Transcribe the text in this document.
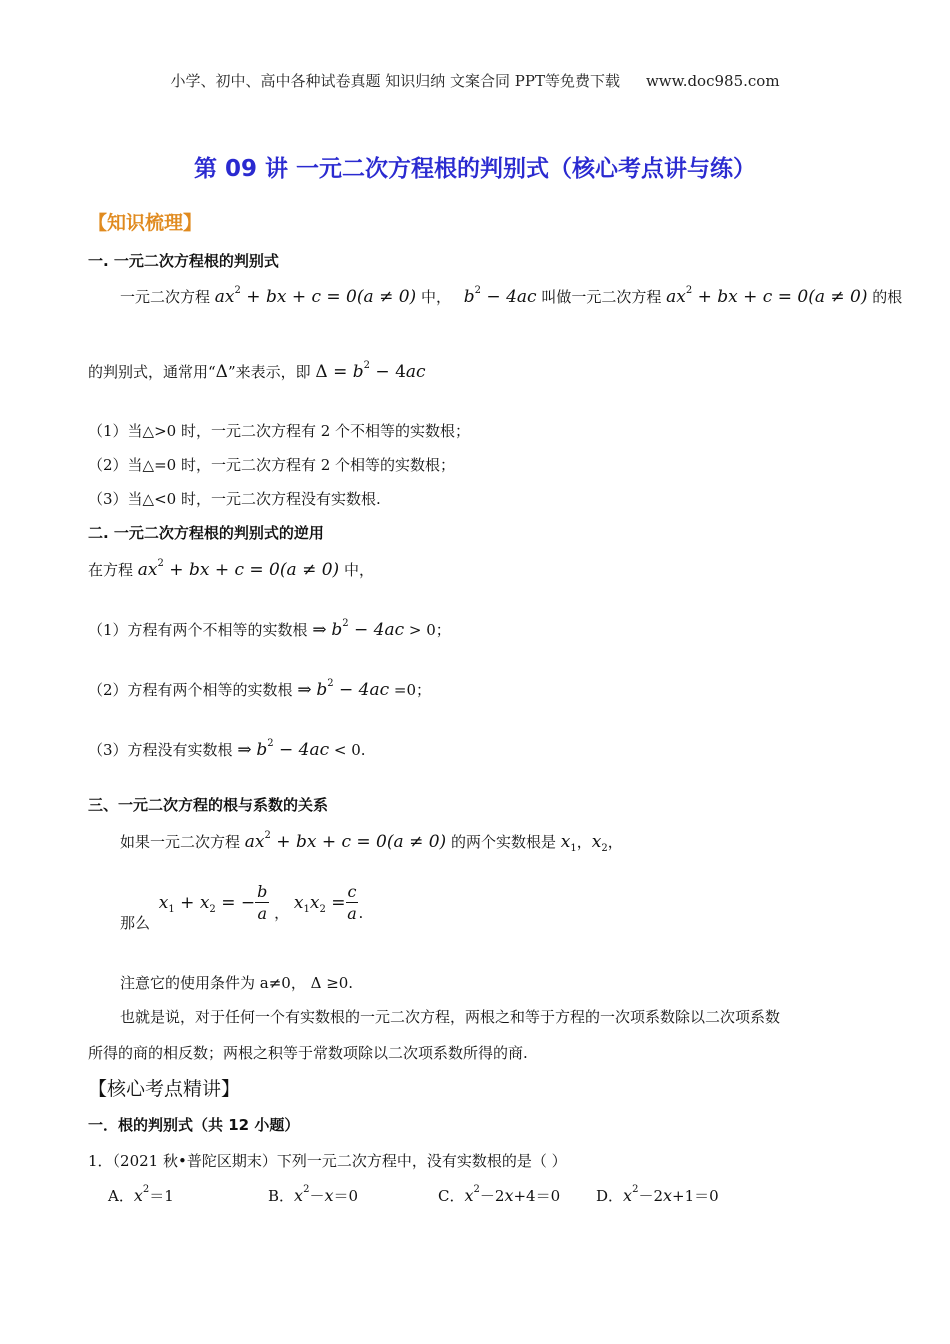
小学、初中、高中各种试卷真题 知识归纳 文案合同 PPT等免费下载 www.doc985.com
第 09 讲 一元二次方程根的判别式（核心考点讲与练）
【知识梳理】
一. 一元二次方程根的判别式
一元二次方程 $ax^2$ + bx + c = 0(a ≠ 0) 中， $b^2 - 4ac$ 叫做一元二次方程 $ax^2$ + bx + c = 0(a ≠ 0) 的根
的判别式，通常用“Δ”来表示，即 $\Delta = b^2 - 4ac$
（1）当△>0 时，一元二次方程有 2 个不相等的实数根；
（2）当△=0 时，一元二次方程有 2 个相等的实数根；
（3）当△<0 时，一元二次方程没有实数根.
二. 一元二次方程根的判别式的逆用
在方程 $ax^2$ + bx + c = 0(a ≠ 0) 中，
（1）方程有两个不相等的实数根 ⇒ $b^2 - 4ac > 0$；
（2）方程有两个相等的实数根 ⇒ $b^2 - 4ac =0$；
（3）方程没有实数根 ⇒ $b^2 - 4ac < 0$.
三、一元二次方程的根与系数的关系
如果一元二次方程 $ax^2$ + bx + c = 0(a ≠ 0) 的两个实数根是 $x_1$，$x_2$，
那么 $x_1 + x_2$ = − $\frac{b}{a}$ ， $x_1x_2 = \frac{c}{a}$ .
注意它的使用条件为 a≠0， Δ ≥0.
也就是说，对于任何一个有实数根的一元二次方程，两根之和等于方程的一次项系数除以二次项系数
所得的商的相反数；两根之积等于常数项除以二次项系数所得的商.
【核心考点精讲】
一．根的判别式（共 12 小题）
1．（2021 秋•普陀区期末）下列一元二次方程中，没有实数根的是（ ）
A．$x^2=1$	B．$x^2-x=0$	C．$x^2-2x+4=0$ D．$x^2-2x+1=0$
